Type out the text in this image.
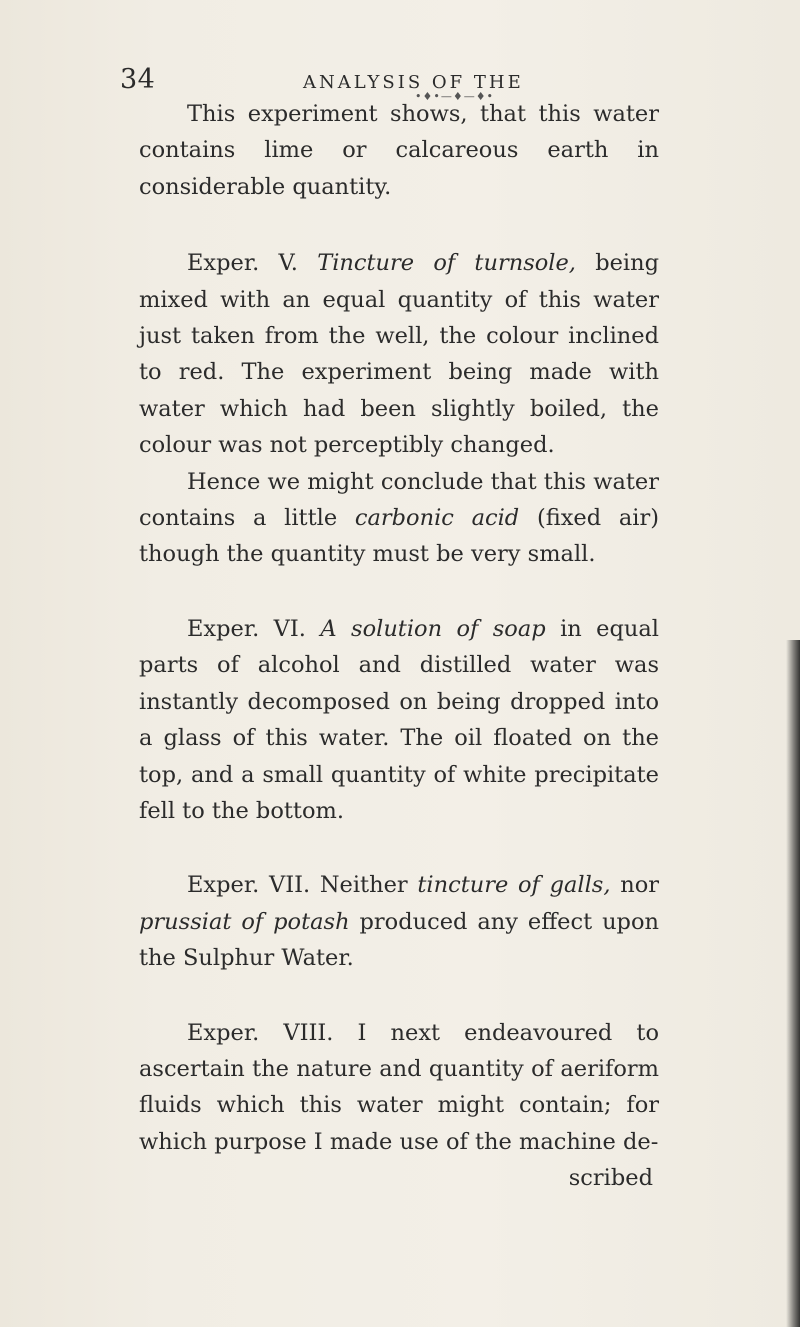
34	ANALYSIS OF THE
•♦•—♦—♦•

This experiment shows, that this water contains lime or calcareous earth in considerable quantity.

Exper. V. Tincture of turnsole, being mixed with an equal quantity of this water just taken from the well, the colour inclined to red. The experiment being made with water which had been slightly boiled, the colour was not perceptibly changed.

Hence we might conclude that this water contains a little carbonic acid (fixed air) though the quantity must be very small.

Exper. VI. A solution of soap in equal parts of alcohol and distilled water was instantly decomposed on being dropped into a glass of this water. The oil floated on the top, and a small quantity of white precipitate fell to the bottom.

Exper. VII. Neither tincture of galls, nor prussiat of potash produced any effect upon the Sulphur Water.

Exper. VIII. I next endeavoured to ascertain the nature and quantity of aeriform fluids which this water might contain; for which purpose I made use of the machine de-
scribed
